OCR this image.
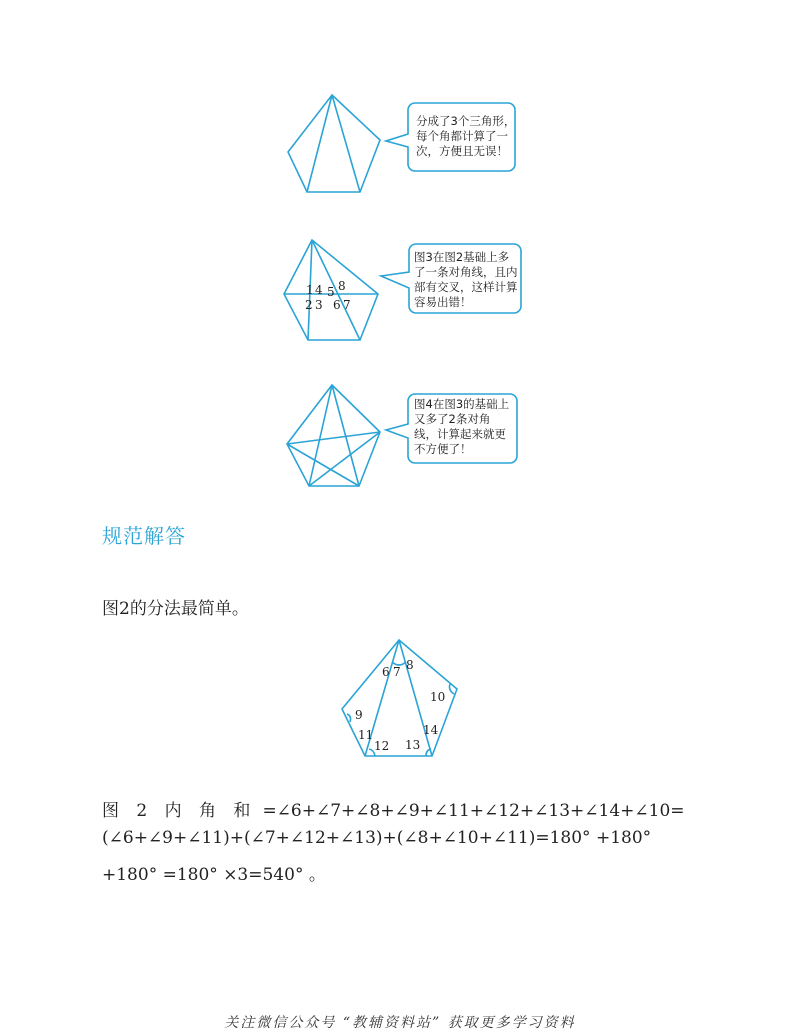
分成了3个三角形，每个角都计算了一次，方便且无误！
1 4 5 8
2 3 6 7
图3在图2基础上多了一条对角线，且内部有交叉，这样计算容易出错！
图4在图3的基础上又多了2条对角线，计算起来就更不方便了！
规范解答
图2的分法最简单。
6 7 8
9
10
11
12 13
14
图 2 内 角 和 =∠6+∠7+∠8+∠9+∠11+∠12+∠13+∠14+∠10=
(∠6+∠9+∠11)+(∠7+∠12+∠13)+(∠8+∠10+∠11)=180° +180°
+180° =180° ×3=540° 。
关注微信公众号 “教辅资料站” 获取更多学习资料
